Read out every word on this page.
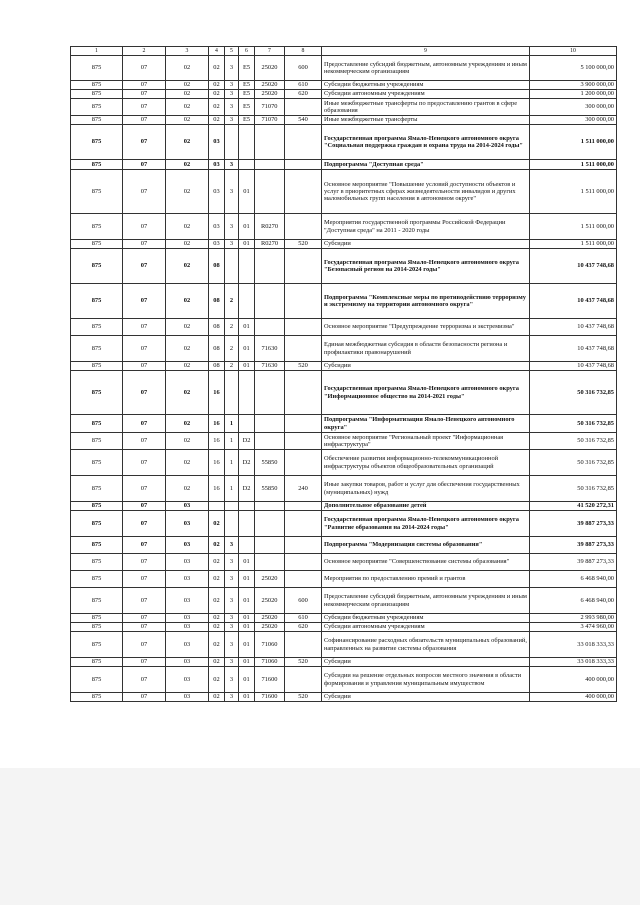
1	2	3	4	5	6	7	8	9	10
875	07	02	02	3	E5	25020	600	Предоставление субсидий бюджетным, автономным учреждениям и иным некоммерческим организациям	5 100 000,00
875	07	02	02	3	E5	25020	610	Субсидии бюджетным учреждениям	3 900 000,00
875	07	02	02	3	E5	25020	620	Субсидии автономным учреждениям	1 200 000,00
875	07	02	02	3	E5	71070		Иные межбюджетные трансферты по предоставлению грантов в сфере образования	300 000,00
875	07	02	02	3	E5	71070	540	Иные межбюджетные трансферты	300 000,00
875	07	02	03					Государственная программа Ямало-Ненецкого автономного округа "Социальная поддержка граждан и охрана труда на 2014-2024 годы"	1 511 000,00
875	07	02	03	3				Подпрограмма "Доступная среда"	1 511 000,00
875	07	02	03	3	01			Основное мероприятие "Повышение условий доступности объектов и услуг в приоритетных сферах жизнедеятельности инвалидов и других маломобильных групп населения в автономном округе"	1 511 000,00
875	07	02	03	3	01	R0270		Мероприятия государственной программы Российской Федерации "Доступная среда" на 2011 - 2020 годы	1 511 000,00
875	07	02	03	3	01	R0270	520	Субсидии	1 511 000,00
875	07	02	08					Государственная программа Ямало-Ненецкого автономного округа "Безопасный регион на 2014-2024 годы"	10 437 748,68
875	07	02	08	2				Подпрограмма "Комплексные меры по противодействию терроризму и экстремизму на территории автономного округа"	10 437 748,68
875	07	02	08	2	01			Основное мероприятие "Предупреждение терроризма и экстремизма"	10 437 748,68
875	07	02	08	2	01	71630		Единая межбюджетная субсидия в области безопасности региона и профилактики правонарушений	10 437 748,68
875	07	02	08	2	01	71630	520	Субсидии	10 437 748,68
875	07	02	16					Государственная программа Ямало-Ненецкого автономного округа "Информационное общество на 2014-2021 годы"	50 316 732,85
875	07	02	16	1				Подпрограмма "Информатизация Ямало-Ненецкого автономного округа"	50 316 732,85
875	07	02	16	1	D2			Основное мероприятие "Региональный проект "Информационная инфраструктура"	50 316 732,85
875	07	02	16	1	D2	55850		Обеспечение развития информационно-телекоммуникационной инфраструктуры объектов общеобразовательных организаций	50 316 732,85
875	07	02	16	1	D2	55850	240	Иные закупки товаров, работ и услуг для обеспечения государственных (муниципальных) нужд	50 316 732,85
875	07	03						Дополнительное образование детей	41 520 272,31
875	07	03	02					Государственная программа Ямало-Ненецкого автономного округа "Развитие образования на 2014-2024 годы"	39 887 273,33
875	07	03	02	3				Подпрограмма "Модернизация системы образования"	39 887 273,33
875	07	03	02	3	01			Основное мероприятие "Совершенствование системы образования"	39 887 273,33
875	07	03	02	3	01	25020		Мероприятия по предоставлению премий и грантов	6 468 940,00
875	07	03	02	3	01	25020	600	Предоставление субсидий бюджетным, автономным учреждениям и иным некоммерческим организациям	6 468 940,00
875	07	03	02	3	01	25020	610	Субсидии бюджетным учреждениям	2 993 980,00
875	07	03	02	3	01	25020	620	Субсидии автономным учреждениям	3 474 960,00
875	07	03	02	3	01	71060		Софинансирование расходных обязательств муниципальных образований, направленных на развитие системы образования	33 018 333,33
875	07	03	02	3	01	71060	520	Субсидии	33 018 333,33
875	07	03	02	3	01	71600		Субсидии на решение отдельных вопросов местного значения в области формирования и управления муниципальным имуществом	400 000,00
875	07	03	02	3	01	71600	520	Субсидии	400 000,00
